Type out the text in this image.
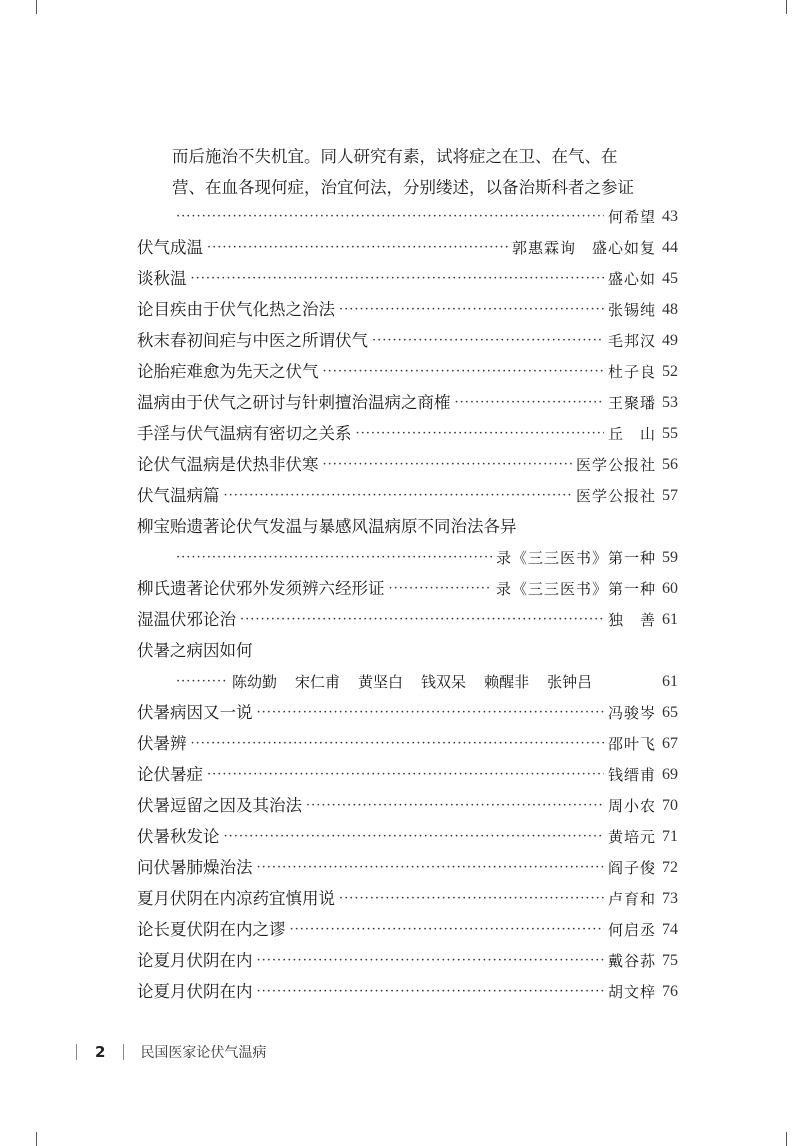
而后施治不失机宜。同人研究有素，试将症之在卫、在气、在
营、在血各现何症，治宜何法，分别缕述，以备治斯科者之参证
·····
何希望 43
伏气成温 ·····	郭惠霖询　盛心如复 44
谈秋温 ·····	盛心如 45
论目疾由于伏气化热之治法 ·····	张锡纯 48
秋末春初间疟与中医之所谓伏气 ·····	毛邦汉 49
论胎疟难愈为先天之伏气 ·····	杜子良 52
温病由于伏气之研讨与针刺擅治温病之商榷 ·····	王聚璠 53
手淫与伏气温病有密切之关系 ·····	丘　山 55
论伏气温病是伏热非伏寒 ·····	医学公报社 56
伏气温病篇 ·····	医学公报社 57
柳宝贻遗著论伏气发温与暴感风温病原不同治法各异
·····
录《三三医书》第一种 59
柳氏遗著论伏邪外发须辨六经形证 ·····	录《三三医书》第一种 60
湿温伏邪论治 ·····	独　善 61
伏暑之病因如何
·····
陈幼勤 宋仁甫 黄坚白 钱双呆 赖醒非 张钟吕	61
伏暑病因又一说 ·····	冯骏岑 65
伏暑辨 ·····	邵叶飞 67
论伏暑症 ·····	钱缙甫 69
伏暑逗留之因及其治法 ·····	周小农 70
伏暑秋发论 ·····	黄培元 71
问伏暑肺燥治法 ·····	阎子俊 72
夏月伏阴在内凉药宜慎用说 ·····	卢育和 73
论长夏伏阴在内之谬 ·····	何启丞 74
论夏月伏阴在内 ·····	戴谷荪 75
论夏月伏阴在内 ·····	胡文梓 76
2	民国医家论伏气温病
